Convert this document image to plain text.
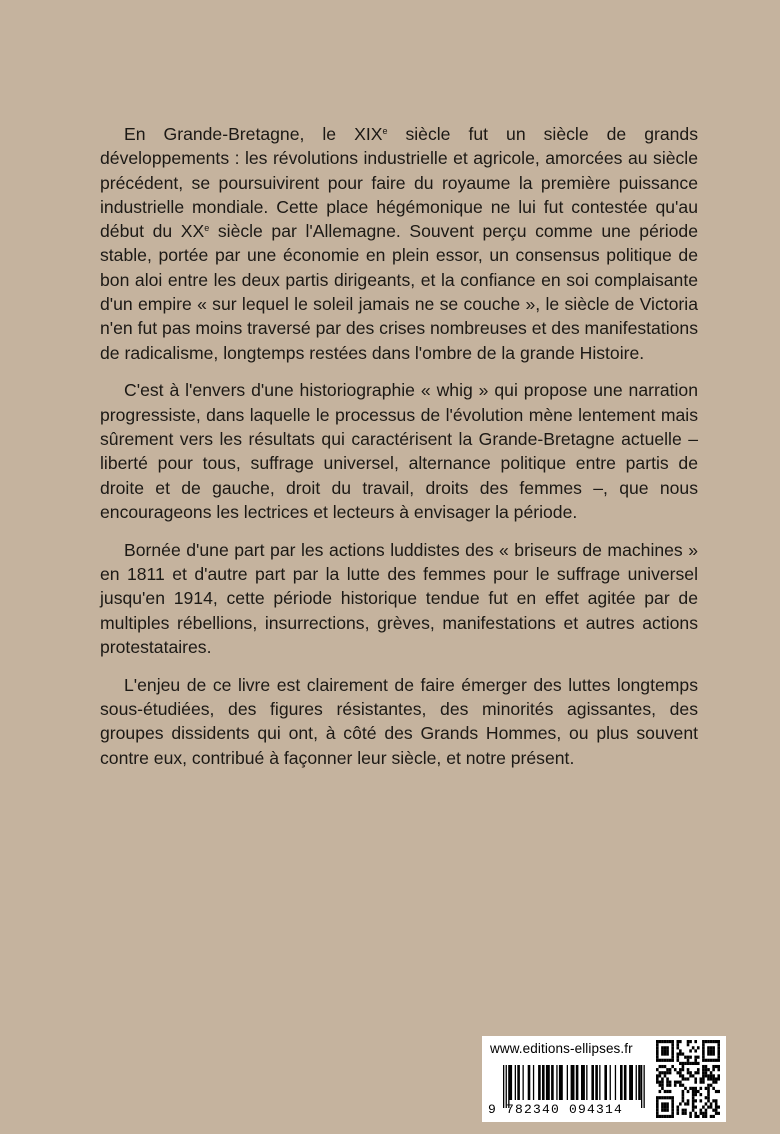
En Grande-Bretagne, le XIXe siècle fut un siècle de grands développements : les révolutions industrielle et agricole, amorcées au siècle précédent, se poursuivirent pour faire du royaume la première puissance industrielle mondiale. Cette place hégémonique ne lui fut contestée qu'au début du XXe siècle par l'Allemagne. Souvent perçu comme une période stable, portée par une économie en plein essor, un consensus politique de bon aloi entre les deux partis dirigeants, et la confiance en soi complaisante d'un empire « sur lequel le soleil jamais ne se couche », le siècle de Victoria n'en fut pas moins traversé par des crises nombreuses et des manifestations de radicalisme, longtemps restées dans l'ombre de la grande Histoire.

C'est à l'envers d'une historiographie « whig » qui propose une narration progressiste, dans laquelle le processus de l'évolution mène lentement mais sûrement vers les résultats qui caractérisent la Grande-Bretagne actuelle – liberté pour tous, suffrage universel, alternance politique entre partis de droite et de gauche, droit du travail, droits des femmes –, que nous encourageons les lectrices et lecteurs à envisager la période.

Bornée d'une part par les actions luddistes des « briseurs de machines » en 1811 et d'autre part par la lutte des femmes pour le suffrage universel jusqu'en 1914, cette période historique tendue fut en effet agitée par de multiples rébellions, insurrections, grèves, manifestations et autres actions protestataires.

L'enjeu de ce livre est clairement de faire émerger des luttes longtemps sous-étudiées, des figures résistantes, des minorités agissantes, des groupes dissidents qui ont, à côté des Grands Hommes, ou plus souvent contre eux, contribué à façonner leur siècle, et notre présent.

www.editions-ellipses.fr
9 782340 094314
